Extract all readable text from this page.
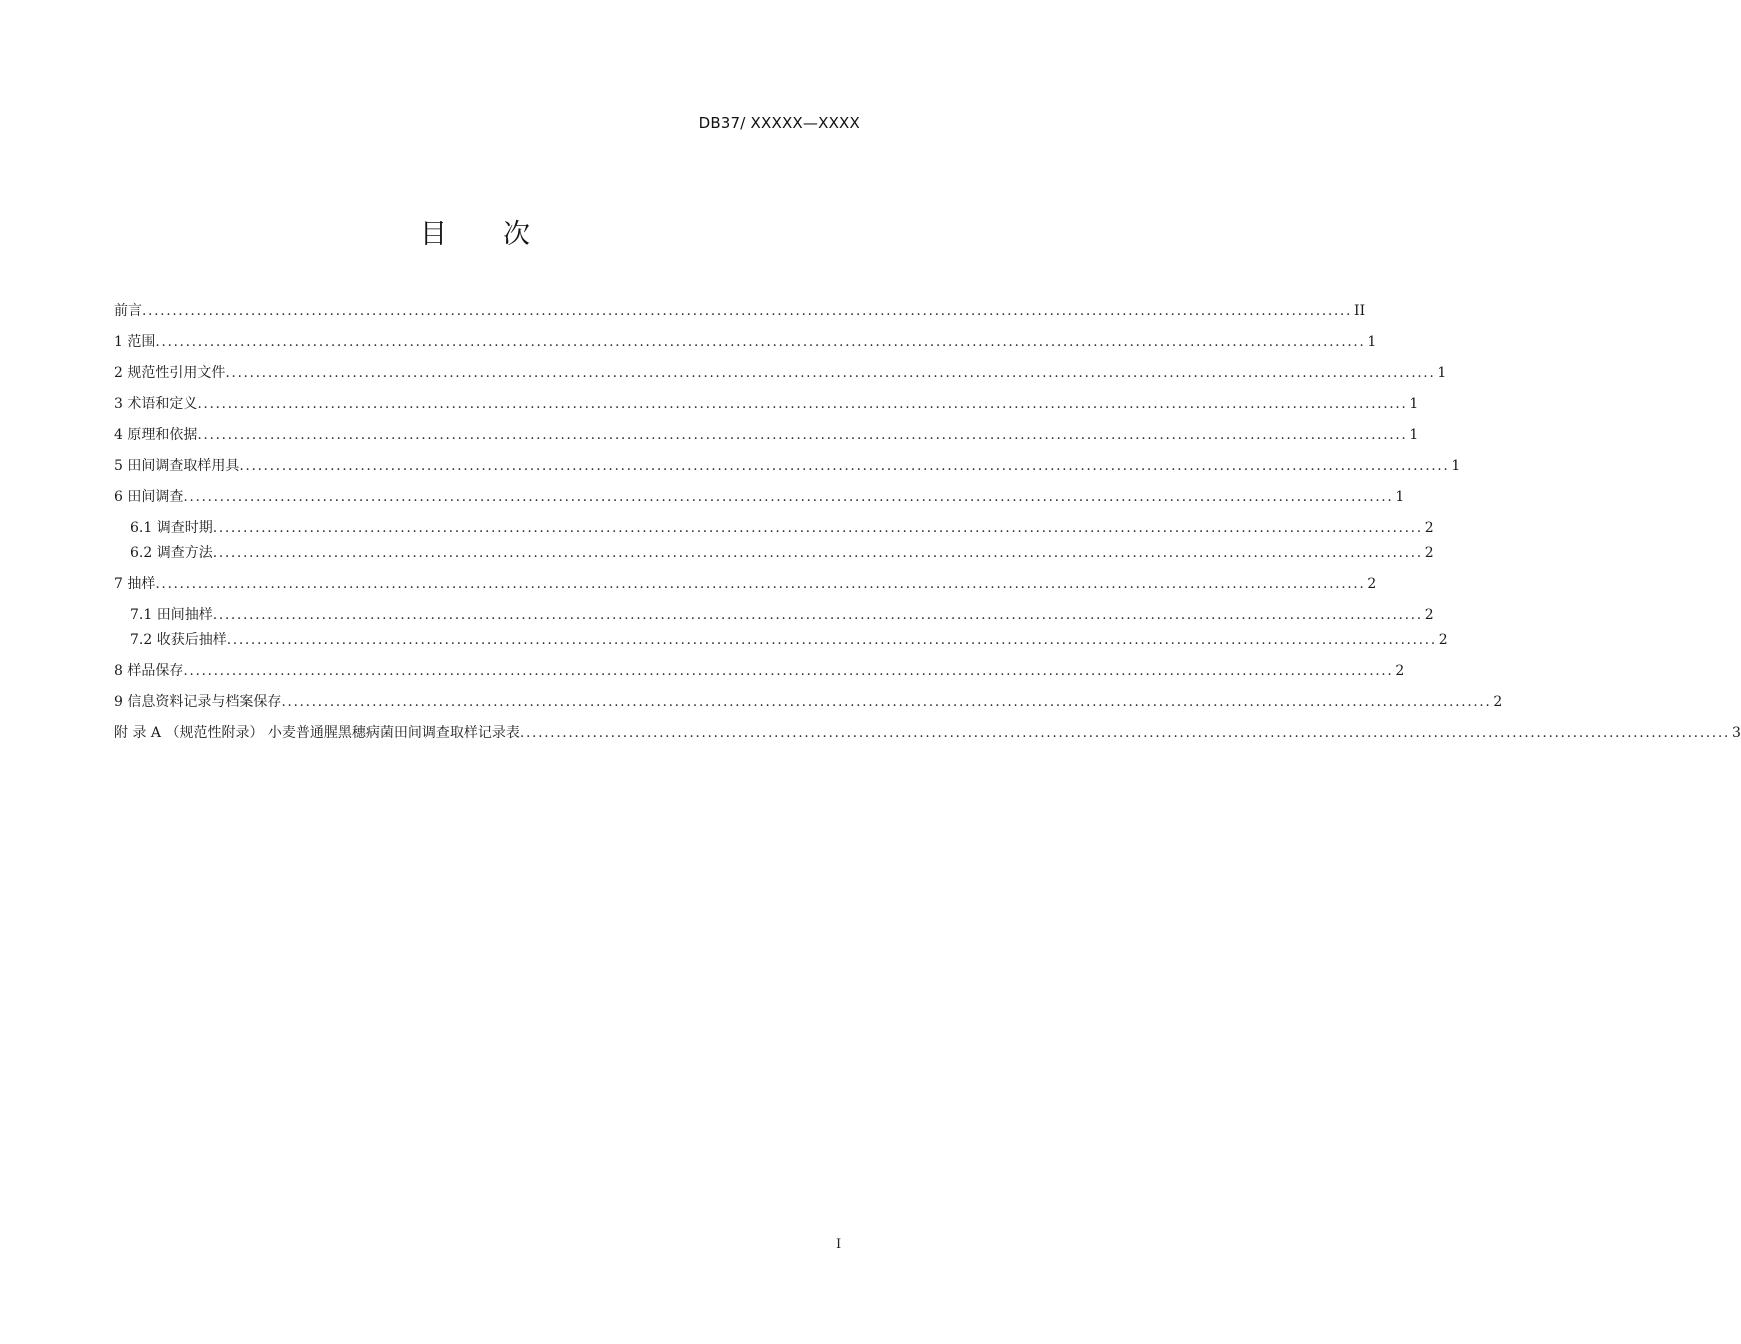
DB37/ XXXXX—XXXX
目 次
前言 ........................................................................................................................................................................................................ II
1 范围 ........................................................................................................................................................................................................ 1
2 规范性引用文件 ........................................................................................................................................................................................................ 1
3 术语和定义 ........................................................................................................................................................................................................ 1
4 原理和依据 ........................................................................................................................................................................................................ 1
5 田间调查取样用具 ........................................................................................................................................................................................................ 1
6 田间调查 ........................................................................................................................................................................................................ 1
6.1 调查时期 ........................................................................................................................................................................................................ 2
6.2 调查方法 ........................................................................................................................................................................................................ 2
7 抽样 ........................................................................................................................................................................................................ 2
7.1 田间抽样 ........................................................................................................................................................................................................ 2
7.2 收获后抽样 ........................................................................................................................................................................................................ 2
8 样品保存 ........................................................................................................................................................................................................ 2
9 信息资料记录与档案保存 ........................................................................................................................................................................................................ 2
附 录 A （规范性附录） 小麦普通腥黑穗病菌田间调查取样记录表 ........................................................................................................................................................................................................ 3
I
